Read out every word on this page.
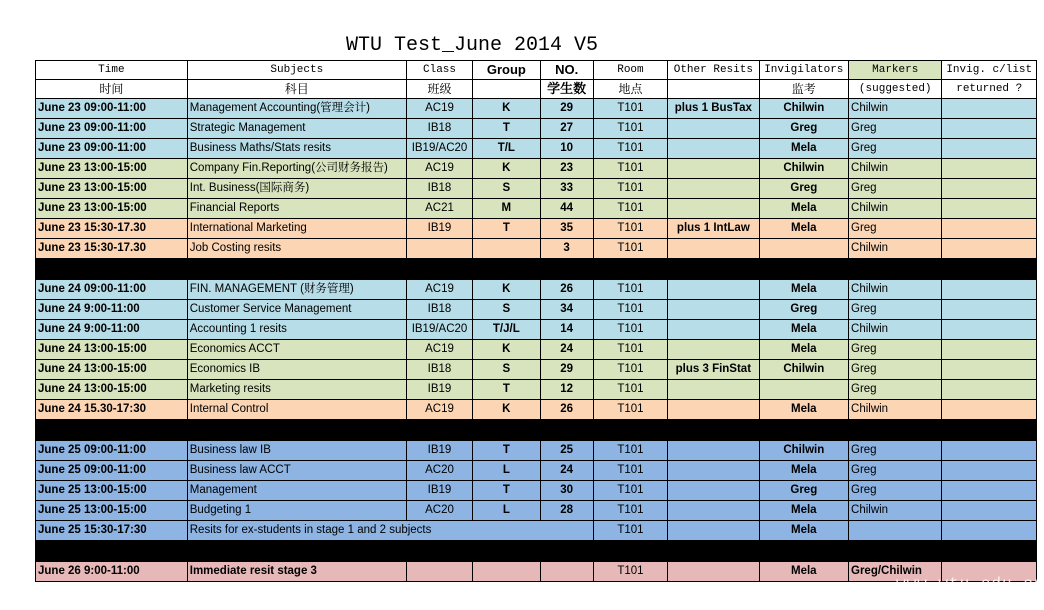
WTU Test_June 2014 V5
Time	Subjects	Class	Group	NO.	Room	Other Resits	Invigilators	Markers	Invig. c/list
时间	科目	班级		学生数	地点		监考	(suggested)	returned ?
June 23 09:00-11:00	Management Accounting(管理会计)	AC19	K	29	T101	plus 1 BusTax	Chilwin	Chilwin	
June 23 09:00-11:00	Strategic Management	IB18	T	27	T101		Greg	Greg	
June 23 09:00-11:00	Business Maths/Stats resits	IB19/AC20	T/L	10	T101		Mela	Greg	
June 23 13:00-15:00	Company Fin.Reporting(公司财务报告)	AC19	K	23	T101		Chilwin	Chilwin	
June 23 13:00-15:00	Int. Business(国际商务)	IB18	S	33	T101		Greg	Greg	
June 23 13:00-15:00	Financial Reports	AC21	M	44	T101		Mela	Chilwin	
June 23 15:30-17.30	International Marketing	IB19	T	35	T101	plus 1 IntLaw	Mela	Greg	
June 23 15:30-17.30	Job Costing resits			3	T101			Chilwin	

June 24 09:00-11:00	FIN. MANAGEMENT (财务管理)	AC19	K	26	T101		Mela	Chilwin	
June 24 9:00-11:00	Customer Service Management	IB18	S	34	T101		Greg	Greg	
June 24 9:00-11:00	Accounting 1 resits	IB19/AC20	T/J/L	14	T101		Mela	Chilwin	
June 24 13:00-15:00	Economics ACCT	AC19	K	24	T101		Mela	Greg	
June 24 13:00-15:00	Economics IB	IB18	S	29	T101	plus 3 FinStat	Chilwin	Greg	
June 24 13:00-15:00	Marketing resits	IB19	T	12	T101			Greg	
June 24 15.30-17:30	Internal Control	AC19	K	26	T101		Mela	Chilwin	

June 25 09:00-11:00	Business law IB	IB19	T	25	T101		Chilwin	Greg	
June 25 09:00-11:00	Business law ACCT	AC20	L	24	T101		Mela	Greg	
June 25 13:00-15:00	Management	IB19	T	30	T101		Greg	Greg	
June 25 13:00-15:00	Budgeting 1	AC20	L	28	T101		Mela	Chilwin	
June 25 15:30-17:30	Resits for ex-students in stage 1 and 2 subjects				T101		Mela		

June 26 9:00-11:00	Immediate resit stage 3				T101		Mela	Greg/Chilwin	
www.wtu.edu.cn
